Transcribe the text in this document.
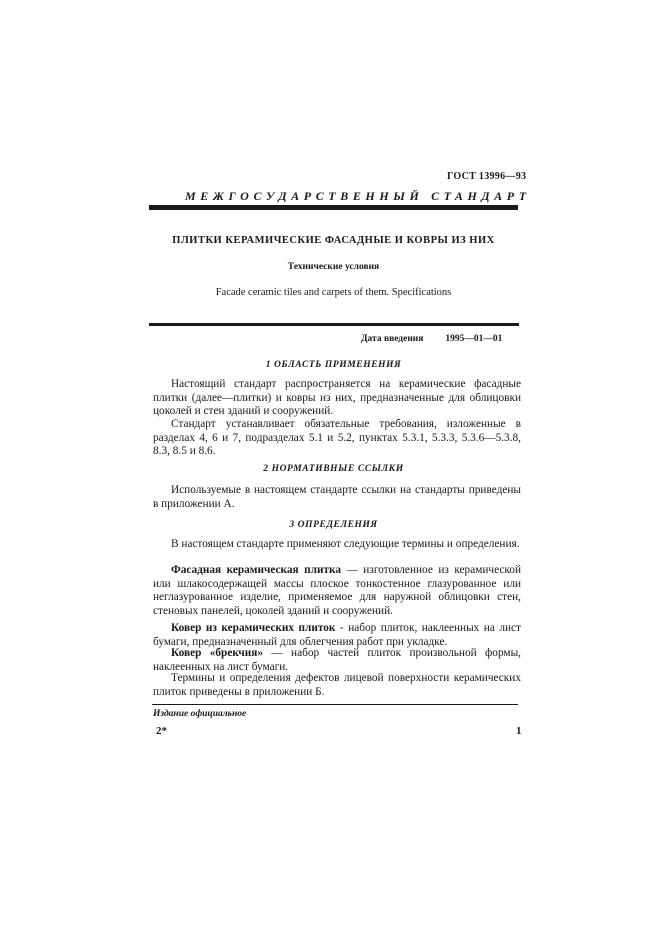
ГОСТ 13996—93
МЕЖГОСУДАРСТВЕННЫЙ СТАНДАРТ
ПЛИТКИ КЕРАМИЧЕСКИЕ ФАСАДНЫЕ И КОВРЫ ИЗ НИХ
Технические условия
Facade ceramic tiles and carpets of them. Specifications
Дата введения 1995—01—01
1 ОБЛАСТЬ ПРИМЕНЕНИЯ
Настоящий стандарт распространяется на керамические фасадные плитки (далее—плитки) и ковры из них, предназначенные для облицовки цоколей и стен зданий и сооружений.
Стандарт устанавливает обязательные требования, изложенные в разделах 4, 6 и 7, подразделах 5.1 и 5.2, пунктах 5.3.1, 5.3.3, 5.3.6—5.3.8, 8.3, 8.5 и 8.6.
2 НОРМАТИВНЫЕ ССЫЛКИ
Используемые в настоящем стандарте ссылки на стандарты приведены в приложении А.
3 ОПРЕДЕЛЕНИЯ
В настоящем стандарте применяют следующие термины и определения.
Фасадная керамическая плитка — изготовленное из керамической или шлакосодержащей массы плоское тонкостенное глазурованное или неглазурованное изделие, применяемое для наружной облицовки стен, стеновых панелей, цоколей зданий и сооружений.
Ковер из керамических плиток - набор плиток, наклеенных на лист бумаги, предназначенный для облегчения работ при укладке.
Ковер «брекчия» — набор частей плиток произвольной формы, наклеенных на лист бумаги.
Термины и определения дефектов лицевой поверхности керамических плиток приведены в приложении Б.
Издание официальное
2*	1
